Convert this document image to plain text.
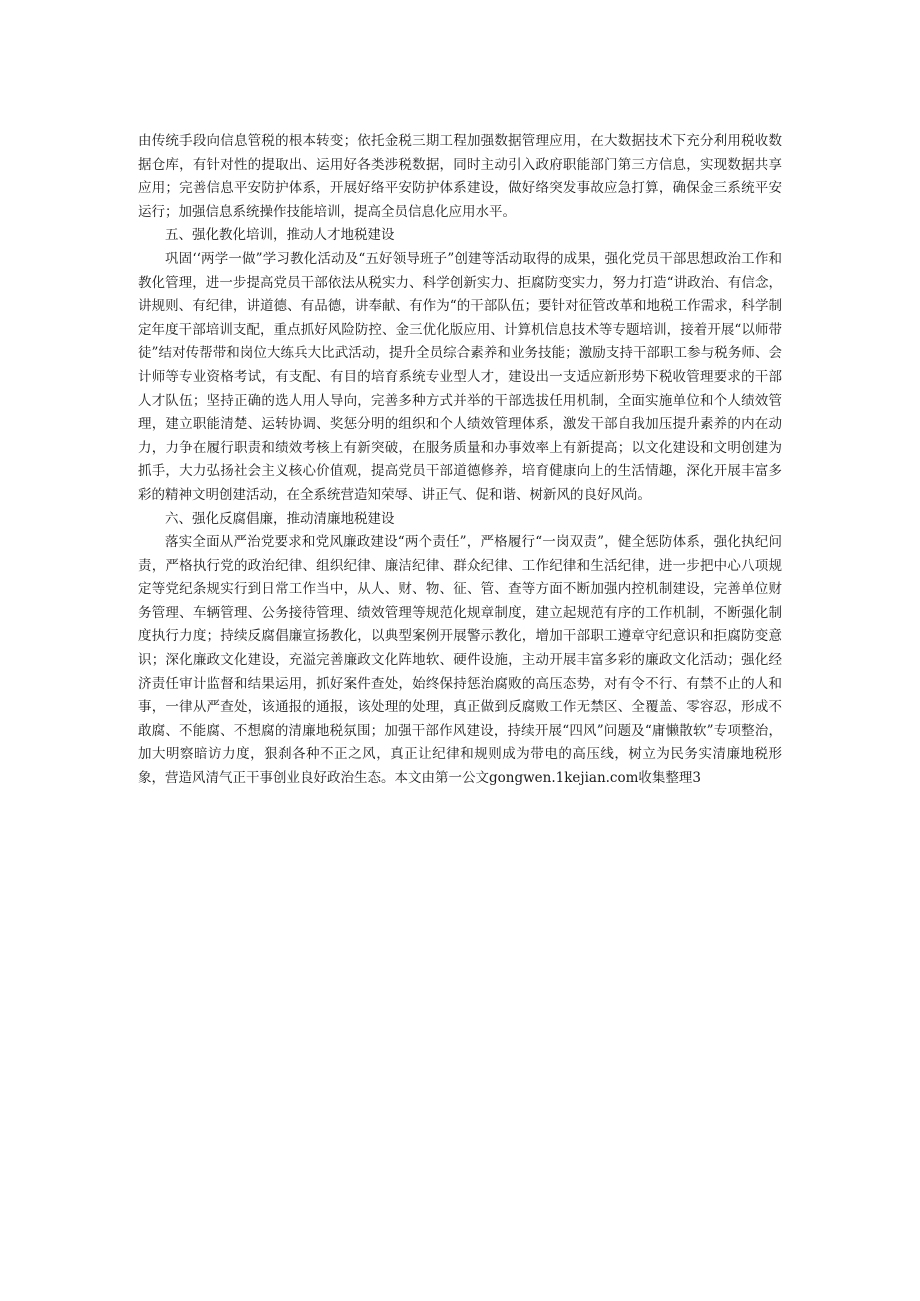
由传统手段向信息管税的根本转变；依托金税三期工程加强数据管理应用，在大数据技术下充分利用税收数据仓库，有针对性的提取出、运用好各类涉税数据，同时主动引入政府职能部门第三方信息，实现数据共享应用；完善信息平安防护体系，开展好络平安防护体系建设，做好络突发事故应急打算，确保金三系统平安运行；加强信息系统操作技能培训，提高全员信息化应用水平。

五、强化教化培训，推动人才地税建设

巩固‘‘两学一做”学习教化活动及“五好领导班子”创建等活动取得的成果，强化党员干部思想政治工作和教化管理，进一步提高党员干部依法从税实力、科学创新实力、拒腐防变实力，努力打造“讲政治、有信念，讲规则、有纪律，讲道德、有品德，讲奉献、有作为“的干部队伍；要针对征管改革和地税工作需求，科学制定年度干部培训支配，重点抓好风险防控、金三优化版应用、计算机信息技术等专题培训，接着开展“以师带徒”结对传帮带和岗位大练兵大比武活动，提升全员综合素养和业务技能；激励支持干部职工参与税务师、会计师等专业资格考试，有支配、有目的培育系统专业型人才，建设出一支适应新形势下税收管理要求的干部人才队伍；坚持正确的选人用人导向，完善多种方式并举的干部选拔任用机制，全面实施单位和个人绩效管理，建立职能清楚、运转协调、奖惩分明的组织和个人绩效管理体系，激发干部自我加压提升素养的内在动力，力争在履行职责和绩效考核上有新突破，在服务质量和办事效率上有新提高；以文化建设和文明创建为抓手，大力弘扬社会主义核心价值观，提高党员干部道德修养，培育健康向上的生活情趣，深化开展丰富多彩的精神文明创建活动，在全系统营造知荣辱、讲正气、促和谐、树新风的良好风尚。

六、强化反腐倡廉，推动清廉地税建设

落实全面从严治党要求和党风廉政建设“两个责任”，严格履行“一岗双责”，健全惩防体系，强化执纪问责，严格执行党的政治纪律、组织纪律、廉洁纪律、群众纪律、工作纪律和生活纪律，进一步把中心八项规定等党纪条规实行到日常工作当中，从人、财、物、征、管、查等方面不断加强内控机制建设，完善单位财务管理、车辆管理、公务接待管理、绩效管理等规范化规章制度，建立起规范有序的工作机制，不断强化制度执行力度；持续反腐倡廉宣扬教化，以典型案例开展警示教化，增加干部职工遵章守纪意识和拒腐防变意识；深化廉政文化建设，充溢完善廉政文化阵地软、硬件设施，主动开展丰富多彩的廉政文化活动；强化经济责任审计监督和结果运用，抓好案件查处，始终保持惩治腐败的高压态势，对有令不行、有禁不止的人和事，一律从严查处，该通报的通报，该处理的处理，真正做到反腐败工作无禁区、全覆盖、零容忍，形成不敢腐、不能腐、不想腐的清廉地税氛围；加强干部作风建设，持续开展“四风”问题及“庸懒散软”专项整治，加大明察暗访力度，狠刹各种不正之风，真正让纪律和规则成为带电的高压线，树立为民务实清廉地税形象，营造风清气正干事创业良好政治生态。本文由第一公文gongwen.1kejian.com收集整理3
